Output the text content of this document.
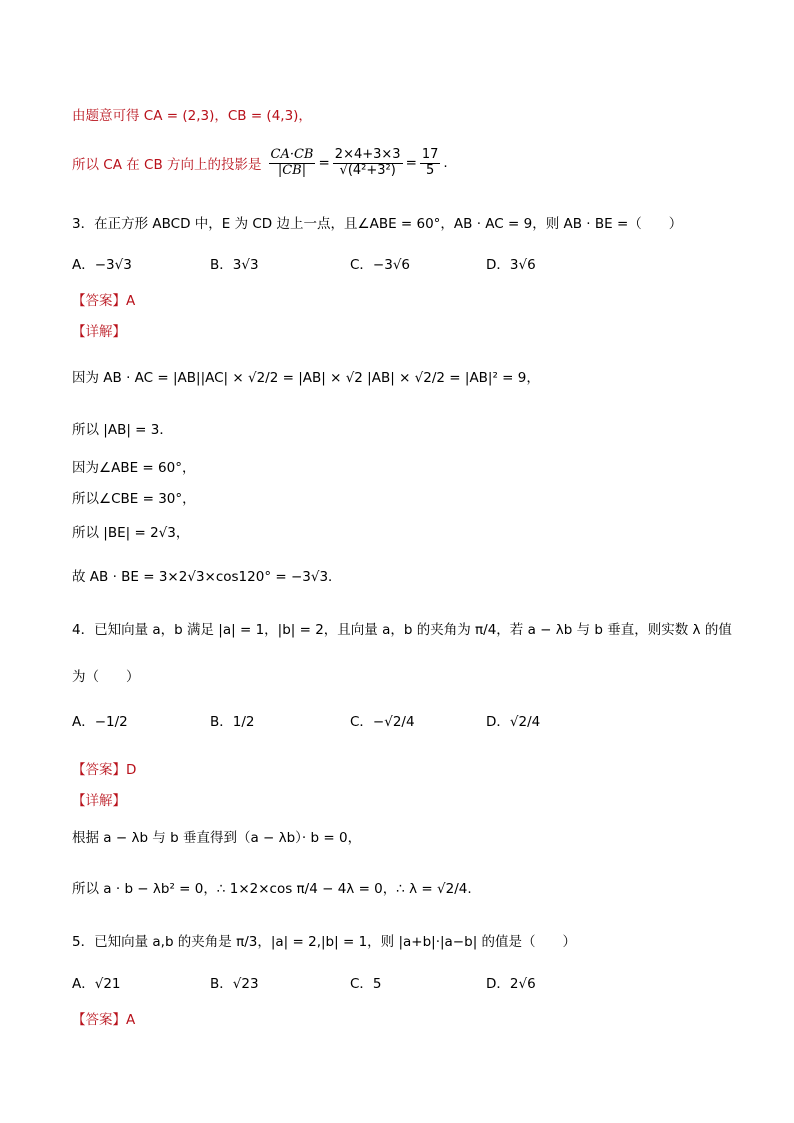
由题意可得 CA = (2,3)，CB = (4,3)，
所以 CA 在 CB 方向上的投影是 $\frac{CA\cdot CB}{|CB|} = \frac{2\times 4+3\times 3}{\text{√(4²+3²)}} = \frac{17}{5}$ .
3．在正方形 ABCD 中，E 为 CD 边上一点，且∠ABE = 60°，AB · AC = 9，则 AB · BE =（　　）
A．−3√3	B．3√3	C．−3√6	D．3√6
【答案】A
【详解】
因为 AB · AC = |AB||AC| × √2/2 = |AB| × √2 |AB| × √2/2 = |AB|² = 9，
所以 |AB| = 3．
因为∠ABE = 60°，
所以∠CBE = 30°，
所以 |BE| = 2√3，
故 AB · BE = 3×2√3×cos120° = −3√3．
4．已知向量 a，b 满足 |a| = 1，|b| = 2，且向量 a，b 的夹角为 π/4，若 a − λb 与 b 垂直，则实数 λ 的值
为（　　）
A．−1/2	B．1/2	C．−√2/4	D．√2/4
【答案】D
【详解】
根据 a − λb 与 b 垂直得到（a − λb）· b = 0，
所以 a · b − λb² = 0，∴ 1×2×cos π/4 − 4λ = 0，∴ λ = √2/4.
5．已知向量 a,b 的夹角是 π/3，|a| = 2,|b| = 1，则 |a+b|·|a−b| 的值是（　　）
A．√21	B．√23	C．5	D．2√6
【答案】A
